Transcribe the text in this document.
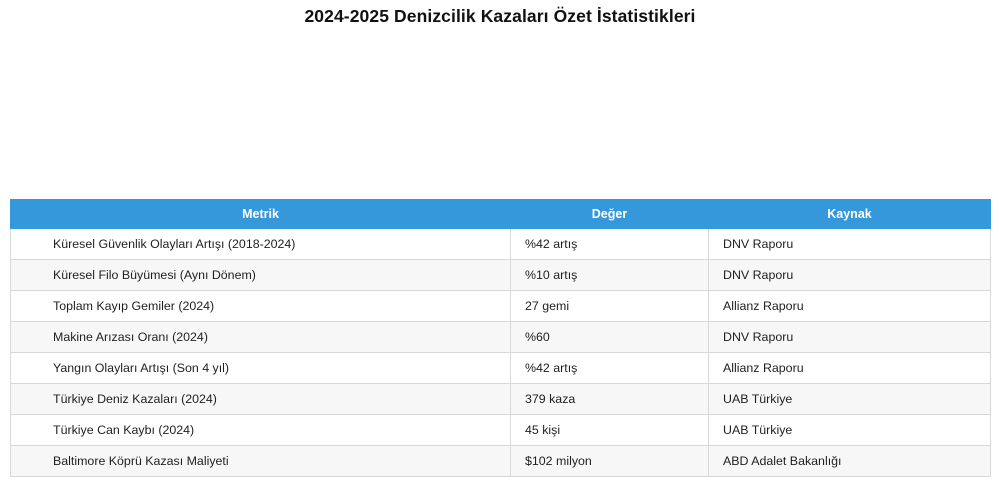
2024-2025 Denizcilik Kazaları Özet İstatistikleri
Metrik	Değer	Kaynak
Küresel Güvenlik Olayları Artışı (2018-2024)	%42 artış	DNV Raporu
Küresel Filo Büyümesi (Aynı Dönem)	%10 artış	DNV Raporu
Toplam Kayıp Gemiler (2024)	27 gemi	Allianz Raporu
Makine Arızası Oranı (2024)	%60	DNV Raporu
Yangın Olayları Artışı (Son 4 yıl)	%42 artış	Allianz Raporu
Türkiye Deniz Kazaları (2024)	379 kaza	UAB Türkiye
Türkiye Can Kaybı (2024)	45 kişi	UAB Türkiye
Baltimore Köprü Kazası Maliyeti	$102 milyon	ABD Adalet Bakanlığı
